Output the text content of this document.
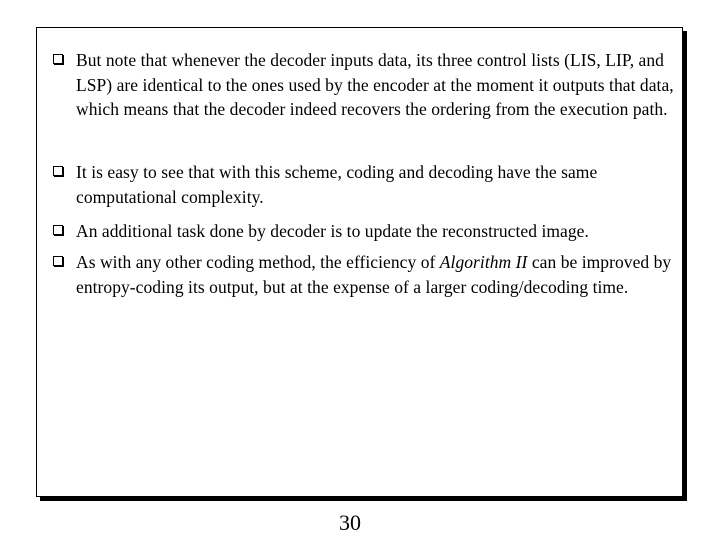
But note that whenever the decoder inputs data, its three control lists (LIS, LIP, and LSP) are identical to the ones used by the encoder at the moment it outputs that data, which means that the decoder indeed recovers the ordering from the execution path.
It is easy to see that with this scheme, coding and decoding have the same computational complexity.
An additional task done by decoder is to update the reconstructed image.
As with any other coding method, the efficiency of Algorithm II can be improved by entropy-coding its output, but at the expense of a larger coding/decoding time.
30
